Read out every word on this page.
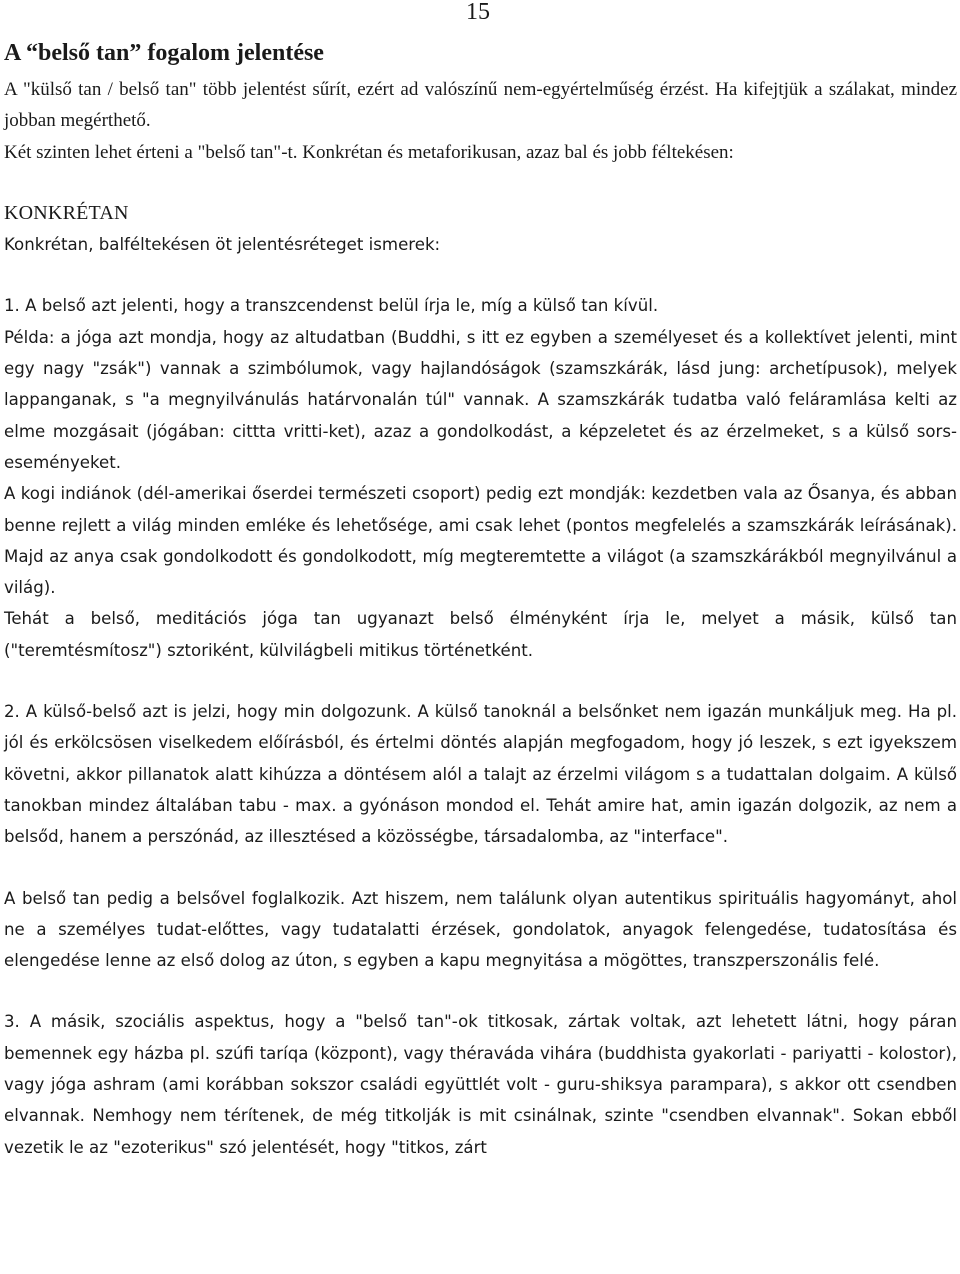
15
A “belső tan” fogalom jelentése

A "külső tan / belső tan" több jelentést sűrít, ezért ad valószínű nem-egyértelműség érzést. Ha kifejtjük a szálakat, mindez jobban megérthető.

Két szinten lehet érteni a "belső tan"-t. Konkrétan és metaforikusan, azaz bal és jobb féltekésen:

KONKRÉTAN

Konkrétan, balféltekésen öt jelentésréteget ismerek:

1. A belső azt jelenti, hogy a transzcendenst belül írja le, míg a külső tan kívül.

Példa: a jóga azt mondja, hogy az altudatban (Buddhi, s itt ez egyben a személyeset és a kollektívet jelenti, mint egy nagy "zsák") vannak a szimbólumok, vagy hajlandóságok (szamszkárák, lásd jung: archetípusok), melyek lappanganak, s "a megnyilvánulás határvonalán túl" vannak. A szamszkárák tudatba való feláramlása kelti az elme mozgásait (jógában: cittta vritti-ket), azaz a gondolkodást, a képzeletet és az érzelmeket, s a külső sors-eseményeket.

A kogi indiánok (dél-amerikai őserdei természeti csoport) pedig ezt mondják: kezdetben vala az Ősanya, és abban benne rejlett a világ minden emléke és lehetősége, ami csak lehet (pontos megfelelés a szamszkárák leírásának). Majd az anya csak gondolkodott és gondolkodott, míg megteremtette a világot (a szamszkárákból megnyilvánul a világ).

Tehát a belső, meditációs jóga tan ugyanazt belső élményként írja le, melyet a másik, külső tan ("teremtésmítosz") sztoriként, külvilágbeli mitikus történetként.

2. A külső-belső azt is jelzi, hogy min dolgozunk. A külső tanoknál a belsőnket nem igazán munkáljuk meg. Ha pl. jól és erkölcsösen viselkedem előírásból, és értelmi döntés alapján megfogadom, hogy jó leszek, s ezt igyekszem követni, akkor pillanatok alatt kihúzza a döntésem alól a talajt az érzelmi világom s a tudattalan dolgaim. A külső tanokban mindez általában tabu - max. a gyónáson mondod el. Tehát amire hat, amin igazán dolgozik, az nem a belsőd, hanem a perszónád, az illesztésed a közösségbe, társadalomba, az "interface".

A belső tan pedig a belsővel foglalkozik. Azt hiszem, nem találunk olyan autentikus spirituális hagyományt, ahol ne a személyes tudat-előttes, vagy tudatalatti érzések, gondolatok, anyagok felengedése, tudatosítása és elengedése lenne az első dolog az úton, s egyben a kapu megnyitása a mögöttes, transzperszonális felé.

3. A másik, szociális aspektus, hogy a "belső tan"-ok titkosak, zártak voltak, azt lehetett látni, hogy páran bemennek egy házba pl. szúfi taríqa (központ), vagy théraváda vihára (buddhista gyakorlati - pariyatti - kolostor), vagy jóga ashram (ami korábban sokszor családi együttlét volt - guru-shiksya parampara), s akkor ott csendben elvannak. Nemhogy nem térítenek, de még titkolják is mit csinálnak, szinte "csendben elvannak". Sokan ebből vezetik le az "ezoterikus" szó jelentését, hogy "titkos, zárt
